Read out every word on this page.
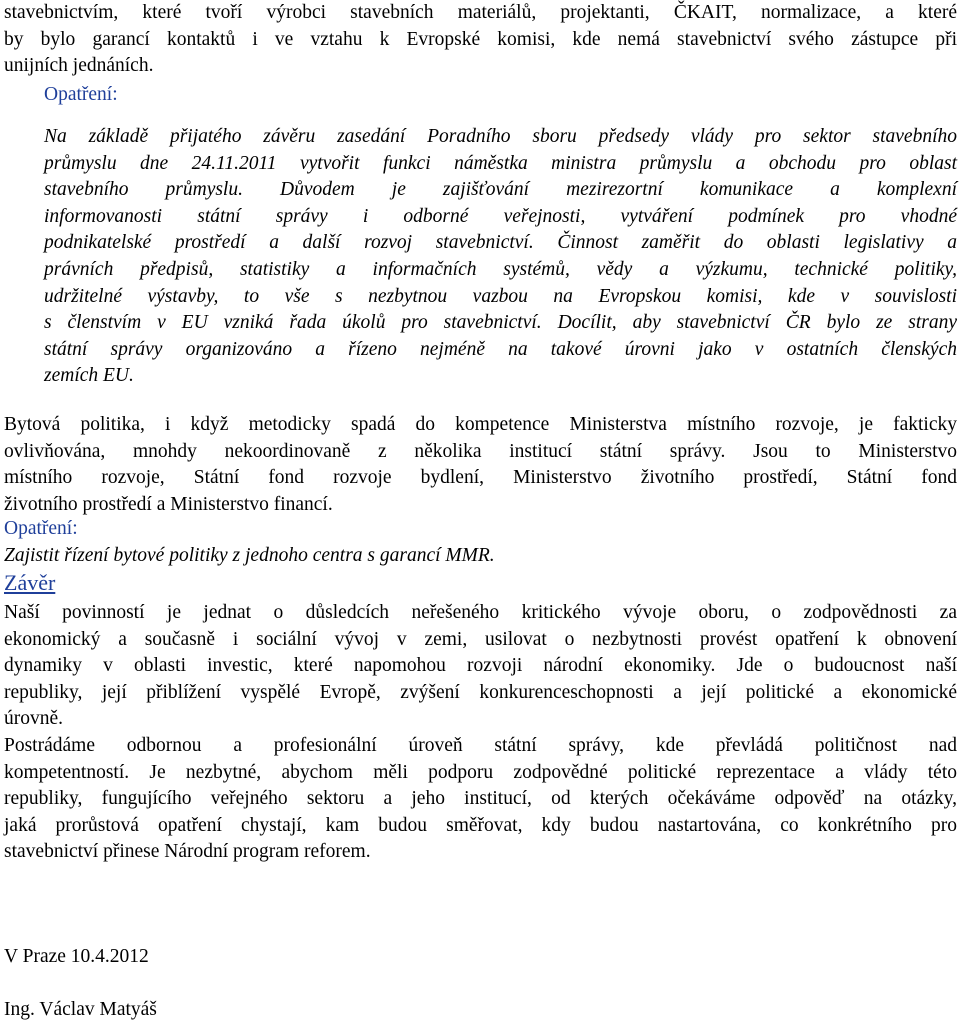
stavebnictvím, které tvoří výrobci stavebních materiálů, projektanti, ČKAIT, normalizace, a které

by bylo garancí kontaktů i ve vztahu k Evropské komisi, kde nemá stavebnictví svého zástupce při

unijních jednáních.

Opatření:

Na základě přijatého závěru zasedání Poradního sboru předsedy vlády pro sektor stavebního

průmyslu dne 24.11.2011 vytvořit funkci náměstka ministra průmyslu a obchodu pro oblast

stavebního průmyslu. Důvodem je zajišťování mezirezortní komunikace a komplexní

informovanosti státní správy i odborné veřejnosti, vytváření podmínek pro vhodné

podnikatelské prostředí a další rozvoj stavebnictví. Činnost zaměřit do oblasti legislativy a

právních předpisů, statistiky a informačních systémů, vědy a výzkumu, technické politiky,

udržitelné výstavby, to vše s nezbytnou vazbou na Evropskou komisi, kde v souvislosti

s členstvím v EU vzniká řada úkolů pro stavebnictví. Docílit, aby stavebnictví ČR bylo ze strany

státní správy organizováno a řízeno nejméně na takové úrovni jako v ostatních členských

zemích EU.

Bytová politika, i když metodicky spadá do kompetence Ministerstva místního rozvoje, je fakticky

ovlivňována, mnohdy nekoordinovaně z několika institucí státní správy. Jsou to Ministerstvo

místního rozvoje, Státní fond rozvoje bydlení, Ministerstvo životního prostředí, Státní fond

životního prostředí a Ministerstvo financí.

Opatření:
Zajistit řízení bytové politiky z jednoho centra s garancí MMR.
Závěr

Naší povinností je jednat o důsledcích neřešeného kritického vývoje oboru, o zodpovědnosti za

ekonomický a současně i sociální vývoj v zemi, usilovat o nezbytnosti provést opatření k obnovení

dynamiky v oblasti investic, které napomohou rozvoji národní ekonomiky. Jde o budoucnost naší

republiky, její přiblížení vyspělé Evropě, zvýšení konkurenceschopnosti a její politické a ekonomické

úrovně.

Postrádáme odbornou a profesionální úroveň státní správy, kde převládá političnost nad

kompetentností. Je nezbytné, abychom měli podporu zodpovědné politické reprezentace a vlády této

republiky, fungujícího veřejného sektoru a jeho institucí, od kterých očekáváme odpověď na otázky,

jaká prorůstová opatření chystají, kam budou směřovat, kdy budou nastartována, co konkrétního pro

stavebnictví přinese Národní program reforem.

V Praze 10.4.2012
Ing. Václav Matyáš
